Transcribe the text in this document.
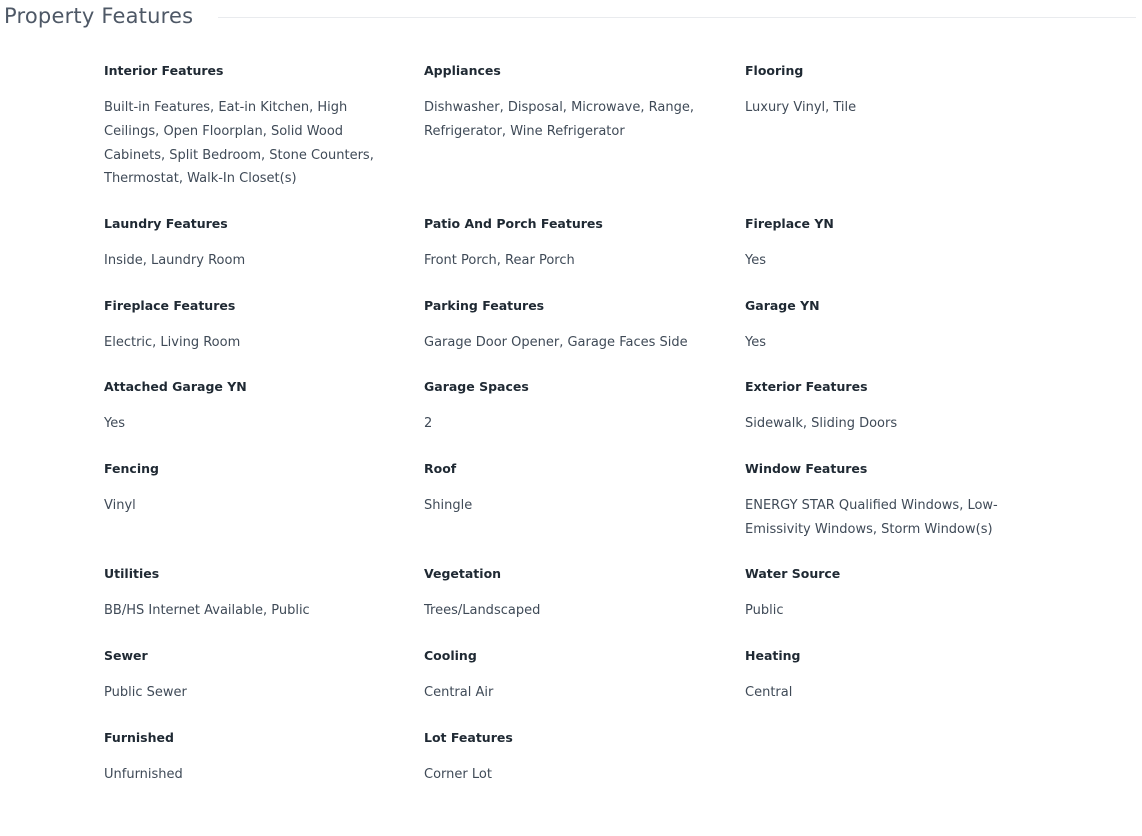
Property Features
Interior Features
Built-in Features, Eat-in Kitchen, High Ceilings, Open Floorplan, Solid Wood Cabinets, Split Bedroom, Stone Counters, Thermostat, Walk-In Closet(s)
Appliances
Dishwasher, Disposal, Microwave, Range, Refrigerator, Wine Refrigerator
Flooring
Luxury Vinyl, Tile
Laundry Features
Inside, Laundry Room
Patio And Porch Features
Front Porch, Rear Porch
Fireplace YN
Yes
Fireplace Features
Electric, Living Room
Parking Features
Garage Door Opener, Garage Faces Side
Garage YN
Yes
Attached Garage YN
Yes
Garage Spaces
2
Exterior Features
Sidewalk, Sliding Doors
Fencing
Vinyl
Roof
Shingle
Window Features
ENERGY STAR Qualified Windows, Low-Emissivity Windows, Storm Window(s)
Utilities
BB/HS Internet Available, Public
Vegetation
Trees/Landscaped
Water Source
Public
Sewer
Public Sewer
Cooling
Central Air
Heating
Central
Furnished
Unfurnished
Lot Features
Corner Lot
